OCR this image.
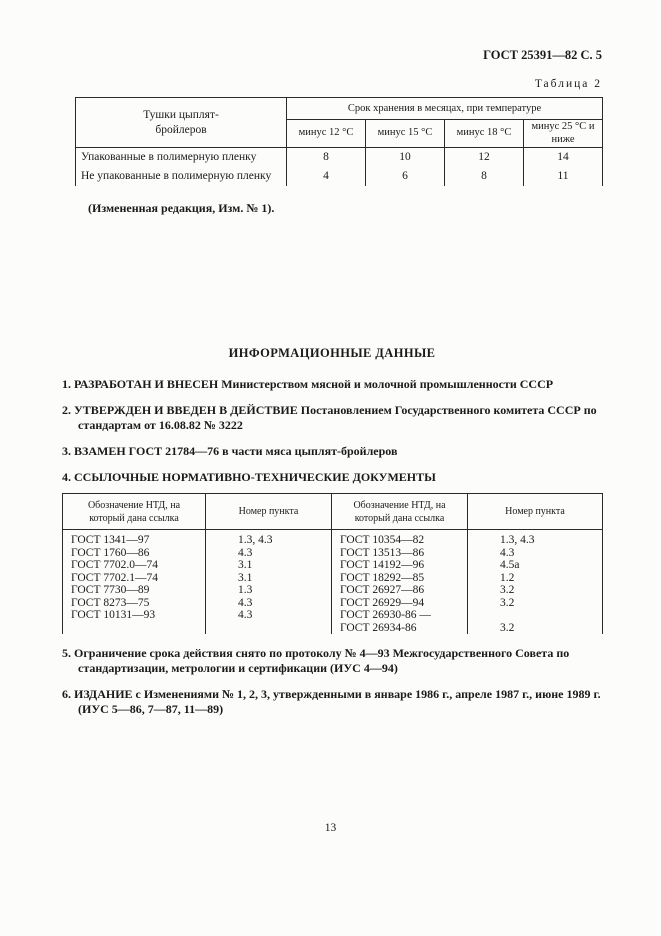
ГОСТ 25391—82 С. 5
Таблица 2
Тушки цыплят-бройлеров	Срок хранения в месяцах, при температуре			
	минус 12 °С	минус 15 °С	минус 18 °С	минус 25 °С и ниже
Упакованные в полимерную пленку	8	10	12	14
Не упакованные в полимерную пленку	4	6	8	11
(Измененная редакция, Изм. № 1).
ИНФОРМАЦИОННЫЕ ДАННЫЕ
1. РАЗРАБОТАН И ВНЕСЕН Министерством мясной и молочной промышленности СССР
2. УТВЕРЖДЕН И ВВЕДЕН В ДЕЙСТВИЕ Постановлением Государственного комитета СССР по стандартам от 16.08.82 № 3222
3. ВЗАМЕН ГОСТ 21784—76 в части мяса цыплят-бройлеров
4. ССЫЛОЧНЫЕ НОРМАТИВНО-ТЕХНИЧЕСКИЕ ДОКУМЕНТЫ
Обозначение НТД, на который дана ссылка	Номер пункта	Обозначение НТД, на который дана ссылка	Номер пункта
ГОСТ 1341—97	1.3, 4.3	ГОСТ 10354—82	1.3, 4.3
ГОСТ 1760—86	4.3	ГОСТ 13513—86	4.3
ГОСТ 7702.0—74	3.1	ГОСТ 14192—96	4.5а
ГОСТ 7702.1—74	3.1	ГОСТ 18292—85	1.2
ГОСТ 7730—89	1.3	ГОСТ 26927—86	3.2
ГОСТ 8273—75	4.3	ГОСТ 26929—94	3.2
ГОСТ 10131—93	4.3	ГОСТ 26930-86 —	
		ГОСТ 26934-86	3.2
5. Ограничение срока действия снято по протоколу № 4—93 Межгосударственного Совета по стандартизации, метрологии и сертификации (ИУС 4—94)
6. ИЗДАНИЕ с Изменениями № 1, 2, 3, утвержденными в январе 1986 г., апреле 1987 г., июне 1989 г. (ИУС 5—86, 7—87, 11—89)
13
